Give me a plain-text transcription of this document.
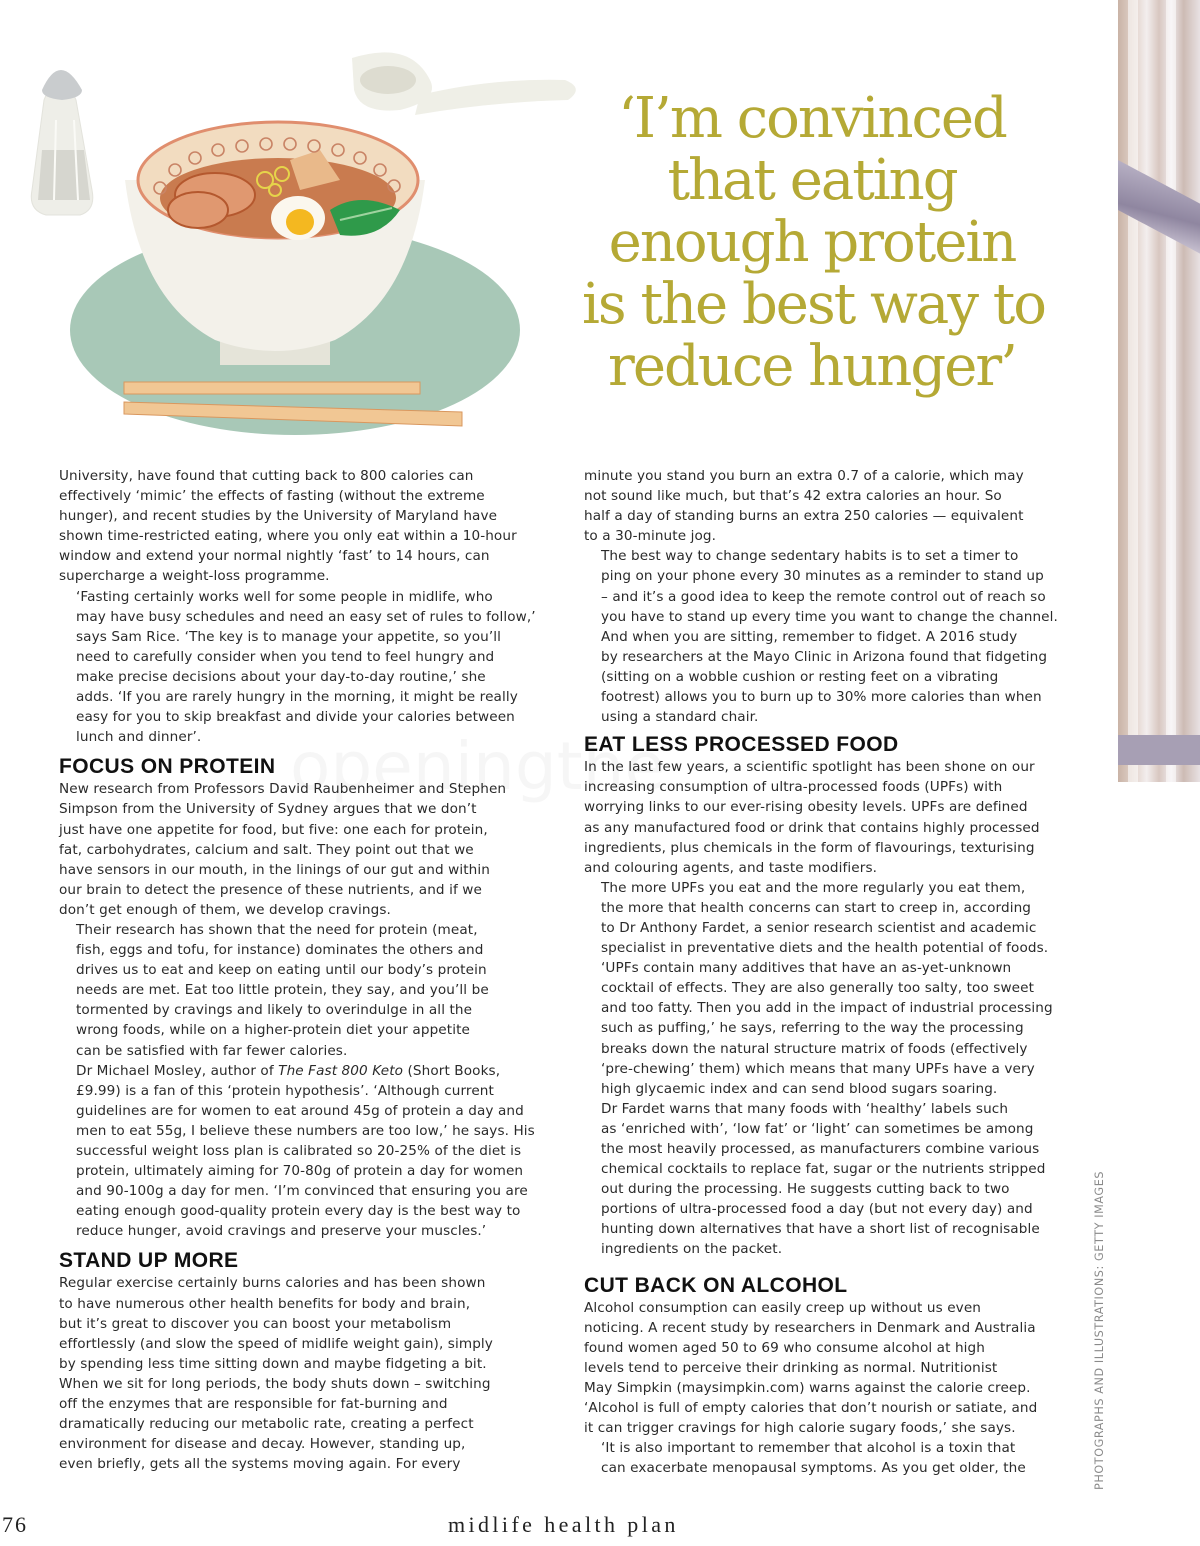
‘I’m convinced
that eating
enough protein
is the best way to
reduce hunger’

University, have found that cutting back to 800 calories can
effectively ‘mimic’ the effects of fasting (without the extreme
hunger), and recent studies by the University of Maryland have
shown time-restricted eating, where you only eat within a 10-hour
window and extend your normal nightly ‘fast’ to 14 hours, can
supercharge a weight-loss programme.

‘Fasting certainly works well for some people in midlife, who
may have busy schedules and need an easy set of rules to follow,’
says Sam Rice. ‘The key is to manage your appetite, so you’ll
need to carefully consider when you tend to feel hungry and
make precise decisions about your day-to-day routine,’ she
adds. ‘If you are rarely hungry in the morning, it might be really
easy for you to skip breakfast and divide your calories between
lunch and dinner’.

FOCUS ON PROTEIN

New research from Professors David Raubenheimer and Stephen
Simpson from the University of Sydney argues that we don’t
just have one appetite for food, but five: one each for protein,
fat, carbohydrates, calcium and salt. They point out that we
have sensors in our mouth, in the linings of our gut and within
our brain to detect the presence of these nutrients, and if we
don’t get enough of them, we develop cravings.

Their research has shown that the need for protein (meat,
fish, eggs and tofu, for instance) dominates the others and
drives us to eat and keep on eating until our body’s protein
needs are met. Eat too little protein, they say, and you’ll be
tormented by cravings and likely to overindulge in all the
wrong foods, while on a higher-protein diet your appetite
can be satisfied with far fewer calories.

Dr Michael Mosley, author of The Fast 800 Keto (Short Books,
£9.99) is a fan of this ‘protein hypothesis’. ‘Although current
guidelines are for women to eat around 45g of protein a day and
men to eat 55g, I believe these numbers are too low,’ he says. His
successful weight loss plan is calibrated so 20-25% of the diet is
protein, ultimately aiming for 70-80g of protein a day for women
and 90-100g a day for men. ‘I’m convinced that ensuring you are
eating enough good-quality protein every day is the best way to
reduce hunger, avoid cravings and preserve your muscles.’

STAND UP MORE

Regular exercise certainly burns calories and has been shown
to have numerous other health benefits for body and brain,
but it’s great to discover you can boost your metabolism
effortlessly (and slow the speed of midlife weight gain), simply
by spending less time sitting down and maybe fidgeting a bit.
When we sit for long periods, the body shuts down – switching
off the enzymes that are responsible for fat-burning and
dramatically reducing our metabolic rate, creating a perfect
environment for disease and decay. However, standing up,
even briefly, gets all the systems moving again. For every

minute you stand you burn an extra 0.7 of a calorie, which may
not sound like much, but that’s 42 extra calories an hour. So
half a day of standing burns an extra 250 calories — equivalent
to a 30-minute jog.

The best way to change sedentary habits is to set a timer to
ping on your phone every 30 minutes as a reminder to stand up
– and it’s a good idea to keep the remote control out of reach so
you have to stand up every time you want to change the channel.

And when you are sitting, remember to fidget. A 2016 study
by researchers at the Mayo Clinic in Arizona found that fidgeting
(sitting on a wobble cushion or resting feet on a vibrating
footrest) allows you to burn up to 30% more calories than when
using a standard chair.

EAT LESS PROCESSED FOOD

In the last few years, a scientific spotlight has been shone on our
increasing consumption of ultra-processed foods (UPFs) with
worrying links to our ever-rising obesity levels. UPFs are defined
as any manufactured food or drink that contains highly processed
ingredients, plus chemicals in the form of flavourings, texturising
and colouring agents, and taste modifiers.

The more UPFs you eat and the more regularly you eat them,
the more that health concerns can start to creep in, according
to Dr Anthony Fardet, a senior research scientist and academic
specialist in preventative diets and the health potential of foods.

‘UPFs contain many additives that have an as-yet-unknown
cocktail of effects. They are also generally too salty, too sweet
and too fatty. Then you add in the impact of industrial processing
such as puffing,’ he says, referring to the way the processing
breaks down the natural structure matrix of foods (effectively
‘pre-chewing’ them) which means that many UPFs have a very
high glycaemic index and can send blood sugars soaring.

Dr Fardet warns that many foods with ‘healthy’ labels such
as ‘enriched with’, ‘low fat’ or ‘light’ can sometimes be among
the most heavily processed, as manufacturers combine various
chemical cocktails to replace fat, sugar or the nutrients stripped
out during the processing. He suggests cutting back to two
portions of ultra-processed food a day (but not every day) and
hunting down alternatives that have a short list of recognisable
ingredients on the packet.

CUT BACK ON ALCOHOL

Alcohol consumption can easily creep up without us even
noticing. A recent study by researchers in Denmark and Australia
found women aged 50 to 69 who consume alcohol at high
levels tend to perceive their drinking as normal. Nutritionist
May Simpkin (maysimpkin.com) warns against the calorie creep.
‘Alcohol is full of empty calories that don’t nourish or satiate, and
it can trigger cravings for high calorie sugary foods,’ she says.

‘It is also important to remember that alcohol is a toxin that
can exacerbate menopausal symptoms. As you get older, the	PHOTOGRAPHS AND ILLUSTRATIONS: GETTY IMAGES
76	midlife health plan
